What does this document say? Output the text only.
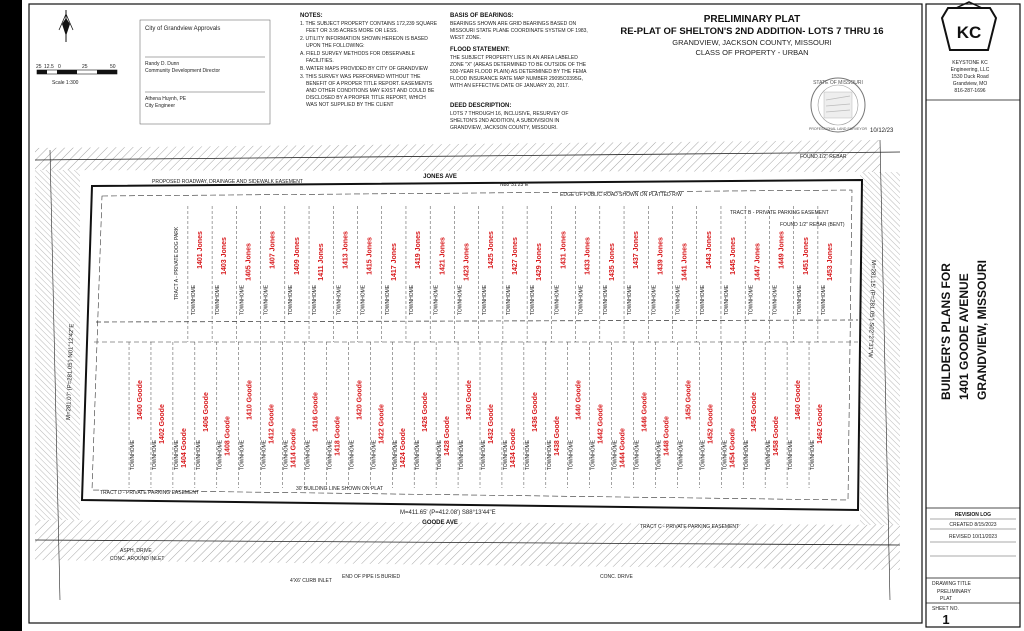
25 12.5 0	25	50
Scale 1:300
City of Grandview Approvals
Randy D. Dunn
Community Development Director
Athena Huynh, PE
City Engineer
NOTES:
1. THE SUBJECT PROPERTY CONTAINS 172,239 SQUARE
FEET OR 3.95 ACRES MORE OR LESS.
2. UTILITY INFORMATION SHOWN HEREON IS BASED
UPON THE FOLLOWING:
A. FIELD SURVEY METHODS FOR OBSERVABLE
FACILITIES.
B. WATER MAPS PROVIDED BY CITY OF GRANDVIEW
3. THIS SURVEY WAS PERFORMED WITHOUT THE
BENEFIT OF A PROPER TITLE REPORT. EASEMENTS
AND OTHER CONDITIONS MAY EXIST AND COULD BE
DISCLOSED BY A PROPER TITLE REPORT, WHICH
WAS NOT SUPPLIED BY THE CLIENT
BASIS OF BEARINGS:
BEARINGS SHOWN ARE GRID BEARINGS BASED ON
MISSOURI STATE PLANE COORDINATE SYSTEM OF 1983,
WEST ZONE.
FLOOD STATEMENT:
THE SUBJECT PROPERTY LIES IN AN AREA LABELED
ZONE "X" (AREAS DETERMINED TO BE OUTSIDE OF THE
500-YEAR FLOOD PLAIN) AS DETERMINED BY THE FEMA
FLOOD INSURANCE RATE MAP NUMBER 29095C0395G,
WITH AN EFFECTIVE DATE OF JANUARY 20, 2017.
DEED DESCRIPTION:
LOTS 7 THROUGH 16, INCLUSIVE, RESURVEY OF
SHELTON'S 2ND ADDITION, A SUBDIVISION IN
GRANDVIEW, JACKSON COUNTY, MISSOURI.
PRELIMINARY PLAT
RE-PLAT OF SHELTON'S 2ND ADDITION- LOTS 7 THRU 16
GRANDVIEW, JACKSON COUNTY, MISSOURI
CLASS OF PROPERTY - URBAN
STATE OF MISSOURI
PROFESSIONAL LAND SURVEYOR 10/12/23
1401 Jones
TOWNHOME
1403 Jones
TOWNHOME
1405 Jones
TOWNHOME
1407 Jones
TOWNHOME
1409 Jones
TOWNHOME
1411 Jones
TOWNHOME
1413 Jones
TOWNHOME
1415 Jones
TOWNHOME
1417 Jones
TOWNHOME
1419 Jones
TOWNHOME
1421 Jones
TOWNHOME
1423 Jones
TOWNHOME
1425 Jones
TOWNHOME
1427 Jones
TOWNHOME
1429 Jones
TOWNHOME
1431 Jones
TOWNHOME
1433 Jones
TOWNHOME
1435 Jones
TOWNHOME
1437 Jones
TOWNHOME
1439 Jones
TOWNHOME
1441 Jones
TOWNHOME
1443 Jones
TOWNHOME
1445 Jones
TOWNHOME
1447 Jones
TOWNHOME
1449 Jones
TOWNHOME
1451 Jones
TOWNHOME
1453 Jones
TOWNHOME
1400 Goode
TOWNHOME
1402 Goode
TOWNHOME	1404 Goode
TOWNHOME
1406 Goode
TOWNHOME	1408 Goode
TOWNHOME
1410 Goode
TOWNHOME
1412 Goode
TOWNHOME	1414 Goode
TOWNHOME
1416 Goode
TOWNHOME	1418 Goode
TOWNHOME
1420 Goode
TOWNHOME
1422 Goode
TOWNHOME	1424 Goode
TOWNHOME
1426 Goode
TOWNHOME	1428 Goode
TOWNHOME
1430 Goode
TOWNHOME
1432 Goode
TOWNHOME	1434 Goode
TOWNHOME
1436 Goode
TOWNHOME	1438 Goode
TOWNHOME
1440 Goode
TOWNHOME
1442 Goode
TOWNHOME	1444 Goode
TOWNHOME
1446 Goode
TOWNHOME	1448 Goode
TOWNHOME
1450 Goode
TOWNHOME
1452 Goode
TOWNHOME	1454 Goode
TOWNHOME
1456 Goode
TOWNHOME	1458 Goode
TOWNHOME
1460 Goode
TOWNHOME
1462 Goode
TOWNHOME
JONES AVE
GOODE AVE
N88°31'23"E
M=411.65' (P=412.08') S88°13'44"E
M=281.07' (P=281.05') N01°12'42"E
M=281.15' (P=281.05') S02°27'31"W
PROPOSED ROADWAY, DRAINAGE AND SIDEWALK EASEMENT
EDGE OF PUBLIC ROAD SHOWN ON PLATTED R/W
TRACT B - PRIVATE PARKING EASEMENT
FOUND 1/2" REBAR
FOUND 1/2" REBAR (BENT)
TRACT A - PRIVATE DOG PARK
30' BUILDING LINE SHOWN ON PLAT
TRACT C - PRIVATE PARKING EASEMENT
TRACT D - PRIVATE PARKING EASEMENT
CONC. AROUND INLET
4'X6' CURB INLET
END OF PIPE IS BURIED	CONC. DRIVE
ASPH. DRIVE
KC
KEYSTONE KC
Engineering, LLC
1530 Duck Road
Grandview, MO
816-287-1696
BUILDER'S PLANS FOR 1401 GOODE AVENUE GRANDVIEW, MISSOURI
REVISION LOG
CREATED 8/15/2023
REVISED 10/11/2023
DRAWING TITLE
PRELIMINARY
PLAT
SHEET NO.
1
